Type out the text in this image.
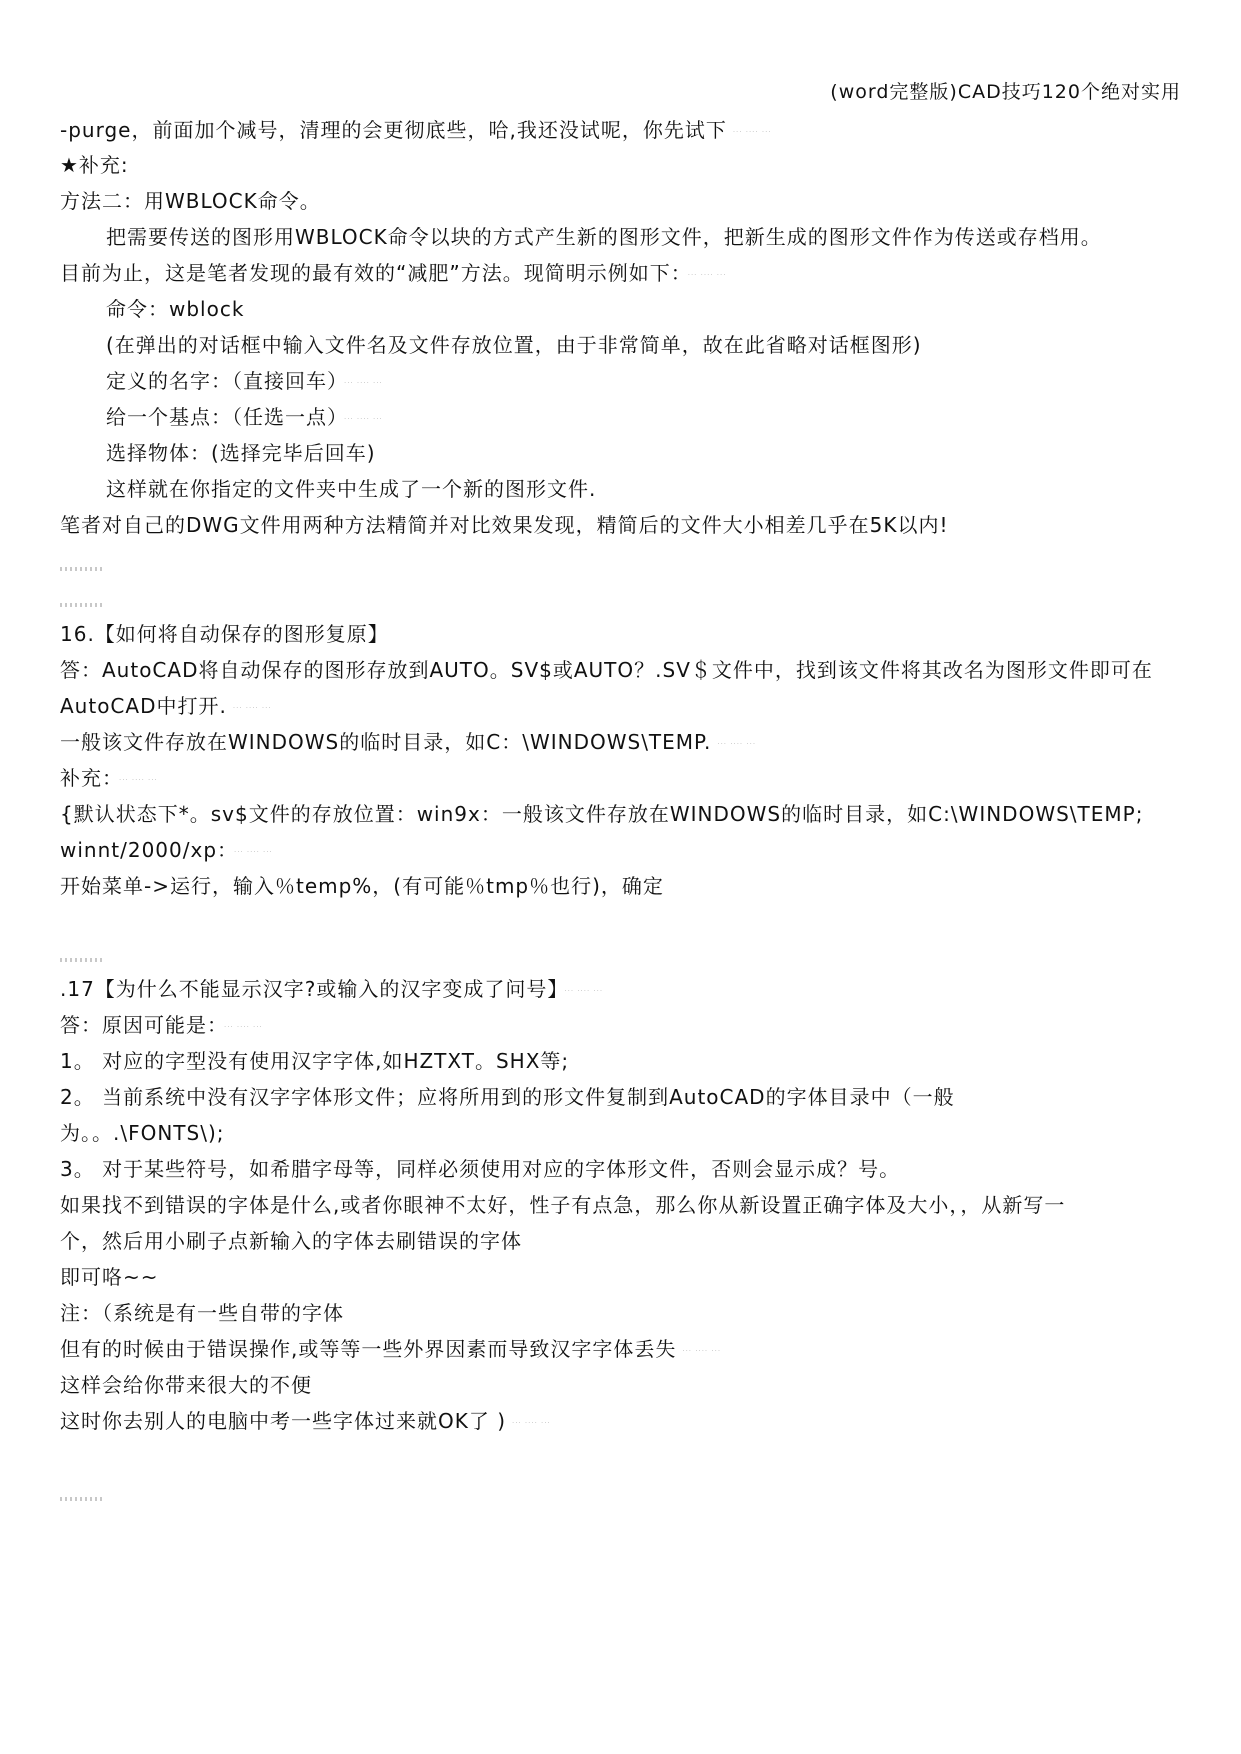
(word完整版)CAD技巧120个绝对实用
-purge，前面加个减号，清理的会更彻底些，哈,我还没试呢，你先试下 ··· ···· ···
★补充:
方法二：用WBLOCK命令。
把需要传送的图形用WBLOCK命令以块的方式产生新的图形文件，把新生成的图形文件作为传送或存档用。
目前为止，这是笔者发现的最有效的“减肥”方法。现简明示例如下： ··· ···· ···
命令：wblock
(在弹出的对话框中输入文件名及文件存放位置，由于非常简单，故在此省略对话框图形)
定义的名字：（直接回车） ··· ···· ···
给一个基点：（任选一点） ··· ···· ···
选择物体：(选择完毕后回车)
这样就在你指定的文件夹中生成了一个新的图形文件.
笔者对自己的DWG文件用两种方法精简并对比效果发现，精简后的文件大小相差几乎在5K以内!
16.【如何将自动保存的图形复原】
答：AutoCAD将自动保存的图形存放到AUTO。SV$或AUTO？.SV＄文件中，找到该文件将其改名为图形文件即可在
AutoCAD中打开. ··· ···· ···
一般该文件存放在WINDOWS的临时目录，如C：\WINDOWS\TEMP. ··· ···· ···
补充： ··· ···· ···
{默认状态下*。sv$文件的存放位置：win9x：一般该文件存放在WINDOWS的临时目录，如C:\WINDOWS\TEMP;
winnt/2000/xp： ··· ···· ···
开始菜单->运行，输入％temp%，(有可能％tmp％也行)，确定
.17【为什么不能显示汉字?或输入的汉字变成了问号】 ··· ···· ···
答：原因可能是： ··· ···· ···
1。 对应的字型没有使用汉字字体,如HZTXT。SHX等;
2。 当前系统中没有汉字字体形文件；应将所用到的形文件复制到AutoCAD的字体目录中（一般
为。。.\FONTS\);
3。 对于某些符号，如希腊字母等，同样必须使用对应的字体形文件，否则会显示成？号。
如果找不到错误的字体是什么,或者你眼神不太好，性子有点急，那么你从新设置正确字体及大小，，从新写一
个，然后用小刷子点新输入的字体去刷错误的字体
即可咯~~
注：（系统是有一些自带的字体
但有的时候由于错误操作,或等等一些外界因素而导致汉字字体丢失 ··· ···· ···
这样会给你带来很大的不便
这时你去别人的电脑中考一些字体过来就OK了 ) ··· ···· ···
